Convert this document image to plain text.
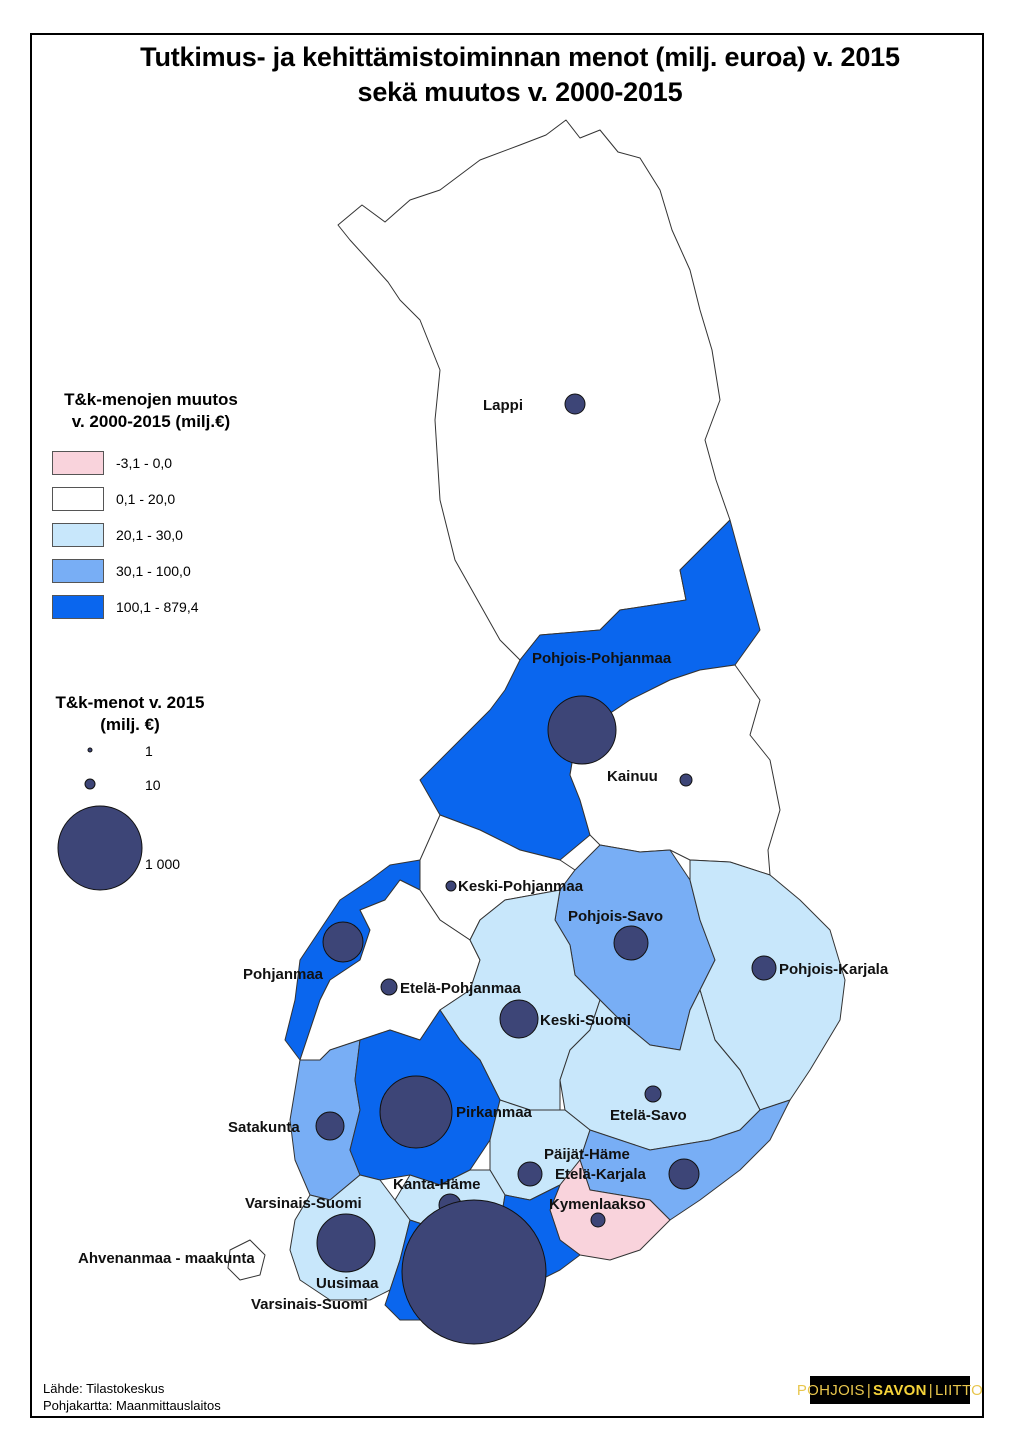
Tutkimus- ja kehittämistoiminnan menot (milj. euroa) v. 2015
sekä muutos v. 2000-2015
Lappi
Pohjois-Pohjanmaa
Kainuu
Keski-Pohjanmaa
Pohjois-Savo
Pohjois-Karjala
Pohjanmaa
Etelä-Pohjanmaa
Keski-Suomi
Etelä-Savo
Satakunta
Pirkanmaa
Päijät-Häme
Etelä-Karjala
Kanta-Häme
Kymenlaakso
Varsinais-Suomi
Ahvenanmaa - maakunta
Uusimaa
Varsinais-Suomi
T&k-menojen muutos
v. 2000-2015 (milj.€)
-3,1 - 0,0
0,1 - 20,0
20,1 - 30,0
30,1 - 100,0
100,1 - 879,4
T&k-menot v. 2015
(milj. €)
1
10
1 000
Lähde: Tilastokeskus
Pohjakartta: Maanmittauslaitos
POHJOIS | SAVON | LIITTO
